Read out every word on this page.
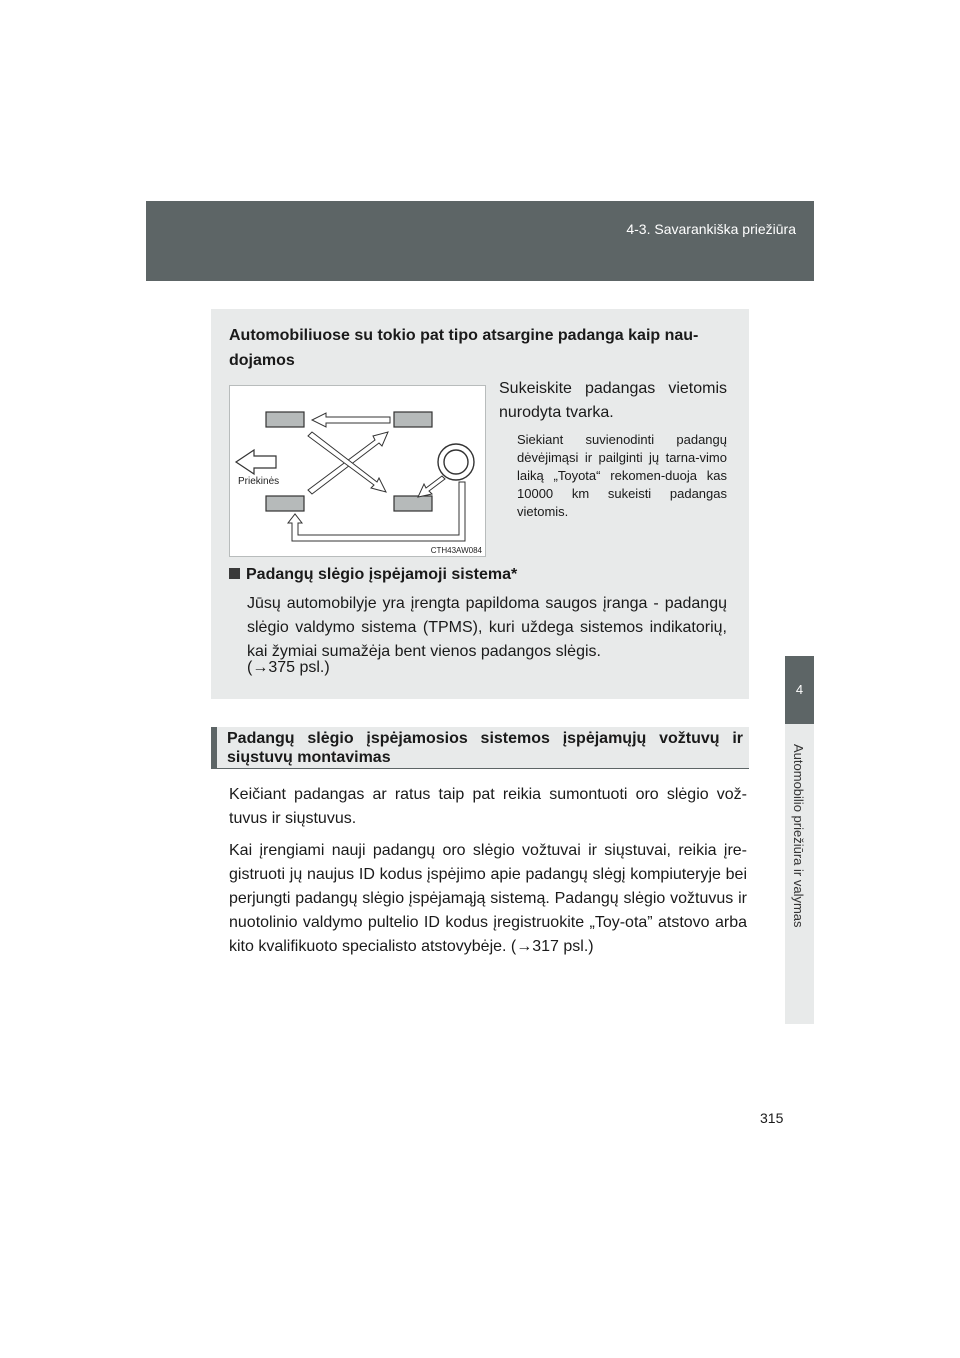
4-3. Savarankiška priežiūra
4
Automobilio priežiūra ir valymas
Automobiliuose su tokio pat tipo atsargine padanga kaip nau-dojamos
Priekinės
CTH43AW084
Sukeiskite padangas vietomis nurodyta tvarka.
Siekiant suvienodinti padangų dėvėjimąsi ir pailginti jų tarna-vimo laiką „Toyota“ rekomen-duoja kas 10000 km sukeisti padangas vietomis.
Padangų slėgio įspėjamoji sistema*
Jūsų automobilyje yra įrengta papildoma saugos įranga - padangų slėgio valdymo sistema (TPMS), kuri uždega sistemos indikatorių, kai žymiai sumažėja bent vienos padangos slėgis.
(→375 psl.)
Padangų slėgio įspėjamosios sistemos įspėjamųjų vožtuvų ir siųstuvų montavimas
Keičiant padangas ar ratus taip pat reikia sumontuoti oro slėgio vož-tuvus ir siųstuvus.
Kai įrengiami nauji padangų oro slėgio vožtuvai ir siųstuvai, reikia įre-gistruoti jų naujus ID kodus įspėjimo apie padangų slėgį kompiuteryje bei perjungti padangų slėgio įspėjamąją sistemą. Padangų slėgio vožtuvus ir nuotolinio valdymo pultelio ID kodus įregistruokite „Toy-ota” atstovo arba kito kvalifikuoto specialisto atstovybėje. (→317 psl.)
315
